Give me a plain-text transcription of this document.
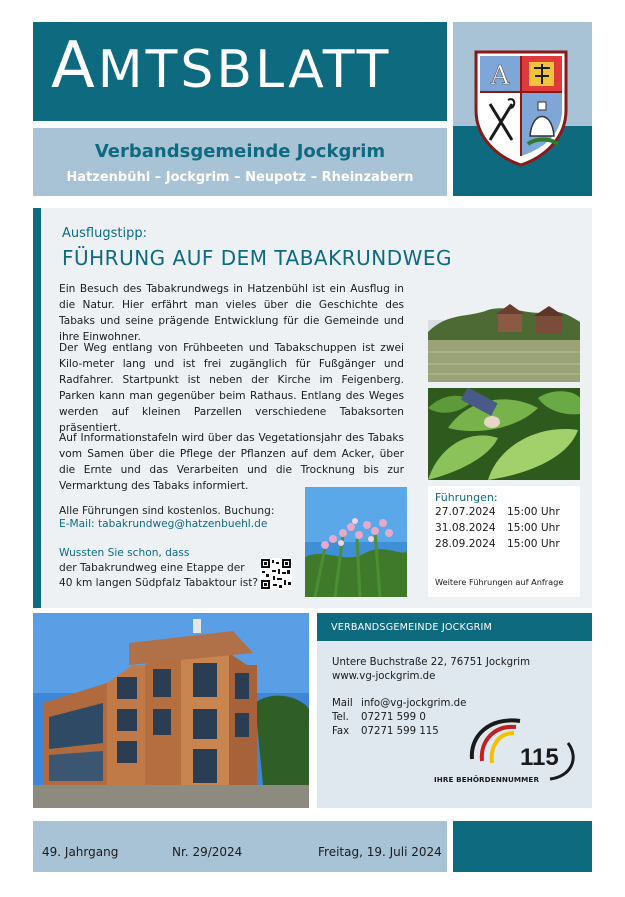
AMTSBLATT
Verbandsgemeinde Jockgrim
Hatzenbühl – Jockgrim – Neupotz – Rheinzabern
A
Ausflugstipp:
FÜHRUNG AUF DEM TABAKRUNDWEG
Ein Besuch des Tabakrundwegs in Hatzenbühl ist ein Ausflug in die Natur. Hier erfährt man vieles über die Geschichte des Tabaks und seine prägende Entwicklung für die Gemeinde und ihre Einwohner.
Der Weg entlang von Frühbeeten und Tabakschuppen ist zwei Kilo-meter lang und ist frei zugänglich für Fußgänger und Radfahrer. Startpunkt ist neben der Kirche im Feigenberg. Parken kann man gegenüber beim Rathaus. Entlang des Weges werden auf kleinen Parzellen verschiedene Tabaksorten präsentiert.
Auf Informationstafeln wird über das Vegetationsjahr des Tabaks vom Samen über die Pflege der Pflanzen auf dem Acker, über die Ernte und das Verarbeiten und die Trocknung bis zur Vermarktung des Tabaks informiert.
Alle Führungen sind kostenlos. Buchung:
E-Mail: tabakrundweg@hatzenbuehl.de
Wussten Sie schon, dass
der Tabakrundweg eine Etappe der
40 km langen Südpfalz Tabaktour ist?
Führungen:
27.07.2024 15:00 Uhr
31.08.2024 15:00 Uhr
28.09.2024 15:00 Uhr
Weitere Führungen auf Anfrage
VERBANDSGEMEINDE JOCKGRIM
Untere Buchstraße 22, 76751 Jockgrim
www.vg-jockgrim.de
Mail info@vg-jockgrim.de
Tel. 07271 599 0
Fax 07271 599 115
115
IHRE BEHÖRDENNUMMER
49. Jahrgang	Nr. 29/2024	Freitag, 19. Juli 2024
